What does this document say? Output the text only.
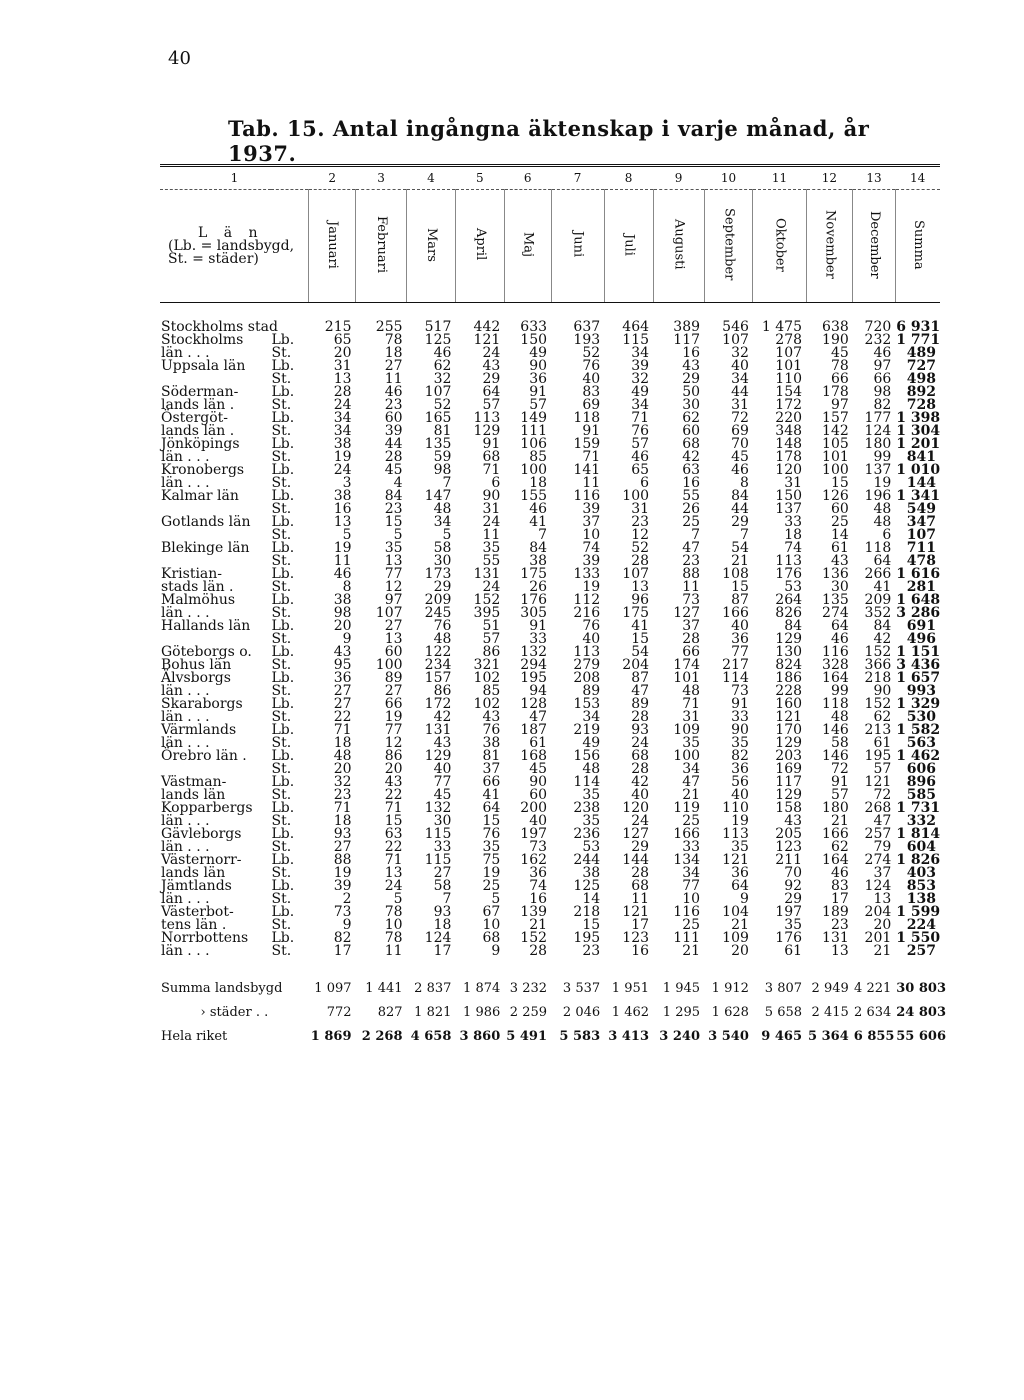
40
Tab. 15. Antal ingångna äktenskap i varje månad, år 1937.
1		2	3	4	5	6	7	8	9	10	11	12	13	14

L ä n
(Lb. = landsbygd,
St. = städer)		Januari	Februari	Mars	April	Maj	Juni	Juli	Augusti	September	Oktober	November	December	Summa

Stockholms stad		215	255	517	442	633	637	464	389	546	1 475	638	720	6 931
Stockholms	Lb.	65	78	125	121	150	193	115	117	107	278	190	232	1 771
län . . .	St.	20	18	46	24	49	52	34	16	32	107	45	46	489
Uppsala län	Lb.	31	27	62	43	90	76	39	43	40	101	78	97	727
	St.	13	11	32	29	36	40	32	29	34	110	66	66	498
Söderman-	Lb.	28	46	107	64	91	83	49	50	44	154	178	98	892
lands län .	St.	24	23	52	57	57	69	34	30	31	172	97	82	728
Östergöt-	Lb.	34	60	165	113	149	118	71	62	72	220	157	177	1 398
lands län .	St.	34	39	81	129	111	91	76	60	69	348	142	124	1 304
Jönköpings	Lb.	38	44	135	91	106	159	57	68	70	148	105	180	1 201
län . . .	St.	19	28	59	68	85	71	46	42	45	178	101	99	841
Kronobergs	Lb.	24	45	98	71	100	141	65	63	46	120	100	137	1 010
län . . .	St.	3	4	7	6	18	11	6	16	8	31	15	19	144
Kalmar län	Lb.	38	84	147	90	155	116	100	55	84	150	126	196	1 341
	St.	16	23	48	31	46	39	31	26	44	137	60	48	549
Gotlands län	Lb.	13	15	34	24	41	37	23	25	29	33	25	48	347
	St.	5	5	5	11	7	10	12	7	7	18	14	6	107
Blekinge län	Lb.	19	35	58	35	84	74	52	47	54	74	61	118	711
	St.	11	13	30	55	38	39	28	23	21	113	43	64	478
Kristian-	Lb.	46	77	173	131	175	133	107	88	108	176	136	266	1 616
stads län .	St.	8	12	29	24	26	19	13	11	15	53	30	41	281
Malmöhus	Lb.	38	97	209	152	176	112	96	73	87	264	135	209	1 648
län . . .	St.	98	107	245	395	305	216	175	127	166	826	274	352	3 286
Hallands län	Lb.	20	27	76	51	91	76	41	37	40	84	64	84	691
	St.	9	13	48	57	33	40	15	28	36	129	46	42	496
Göteborgs o.	Lb.	43	60	122	86	132	113	54	66	77	130	116	152	1 151
Bohus län	St.	95	100	234	321	294	279	204	174	217	824	328	366	3 436
Älvsborgs	Lb.	36	89	157	102	195	208	87	101	114	186	164	218	1 657
län . . .	St.	27	27	86	85	94	89	47	48	73	228	99	90	993
Skaraborgs	Lb.	27	66	172	102	128	153	89	71	91	160	118	152	1 329
län . . .	St.	22	19	42	43	47	34	28	31	33	121	48	62	530
Värmlands	Lb.	71	77	131	76	187	219	93	109	90	170	146	213	1 582
län . . .	St.	18	12	43	38	61	49	24	35	35	129	58	61	563
Örebro län .	Lb.	48	86	129	81	168	156	68	100	82	203	146	195	1 462
	St.	20	20	40	37	45	48	28	34	36	169	72	57	606
Västman-	Lb.	32	43	77	66	90	114	42	47	56	117	91	121	896
lands län	St.	23	22	45	41	60	35	40	21	40	129	57	72	585
Kopparbergs	Lb.	71	71	132	64	200	238	120	119	110	158	180	268	1 731
län . . .	St.	18	15	30	15	40	35	24	25	19	43	21	47	332
Gävleborgs	Lb.	93	63	115	76	197	236	127	166	113	205	166	257	1 814
län . . .	St.	27	22	33	35	73	53	29	33	35	123	62	79	604
Västernorr-	Lb.	88	71	115	75	162	244	144	134	121	211	164	274	1 826
lands län	St.	19	13	27	19	36	38	28	34	36	70	46	37	403
Jämtlands	Lb.	39	24	58	25	74	125	68	77	64	92	83	124	853
län . . .	St.	2	5	7	5	16	14	11	10	9	29	17	13	138
Västerbot-	Lb.	73	78	93	67	139	218	121	116	104	197	189	204	1 599
tens län .	St.	9	10	18	10	21	15	17	25	21	35	23	20	224
Norrbottens	Lb.	82	78	124	68	152	195	123	111	109	176	131	201	1 550
län . . .	St.	17	11	17	9	28	23	16	21	20	61	13	21	257

Summa landsbygd		1 097	1 441	2 837	1 874	3 232	3 537	1 951	1 945	1 912	3 807	2 949	4 221	30 803
› städer . .		772	827	1 821	1 986	2 259	2 046	1 462	1 295	1 628	5 658	2 415	2 634	24 803
Hela riket		1 869	2 268	4 658	3 860	5 491	5 583	3 413	3 240	3 540	9 465	5 364	6 855	55 606
